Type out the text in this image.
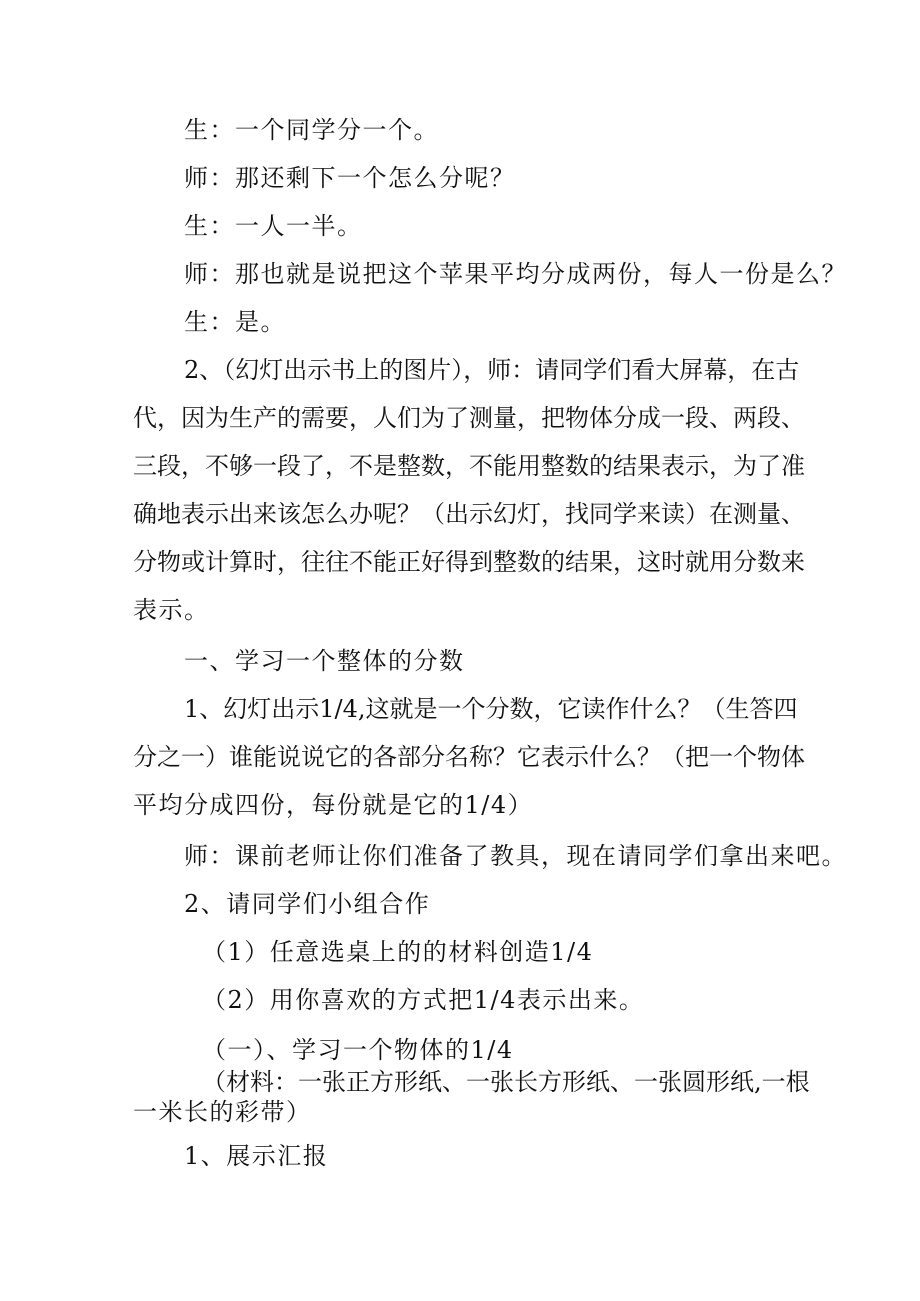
生：一个同学分一个。
师：那还剩下一个怎么分呢？
生：一人一半。
师：那也就是说把这个苹果平均分成两份，每人一份是么？
生：是。
2、（幻灯出示书上的图片），师：请同学们看大屏幕，在古
代，因为生产的需要，人们为了测量，把物体分成一段、两段、
三段，不够一段了，不是整数，不能用整数的结果表示，为了准
确地表示出来该怎么办呢？（出示幻灯，找同学来读）在测量、
分物或计算时，往往不能正好得到整数的结果，这时就用分数来
表示。
一、学习一个整体的分数
1、幻灯出示1/4,这就是一个分数，它读作什么？（生答四
分之一）谁能说说它的各部分名称？它表示什么？（把一个物体
平均分成四份，每份就是它的1/4）
师：课前老师让你们准备了教具，现在请同学们拿出来吧。
2、请同学们小组合作
（1）任意选桌上的的材料创造1/4
（2）用你喜欢的方式把1/4表示出来。
（一）、学习一个物体的1/4
（材料：一张正方形纸、一张长方形纸、一张圆形纸,一根
一米长的彩带）
1、展示汇报
